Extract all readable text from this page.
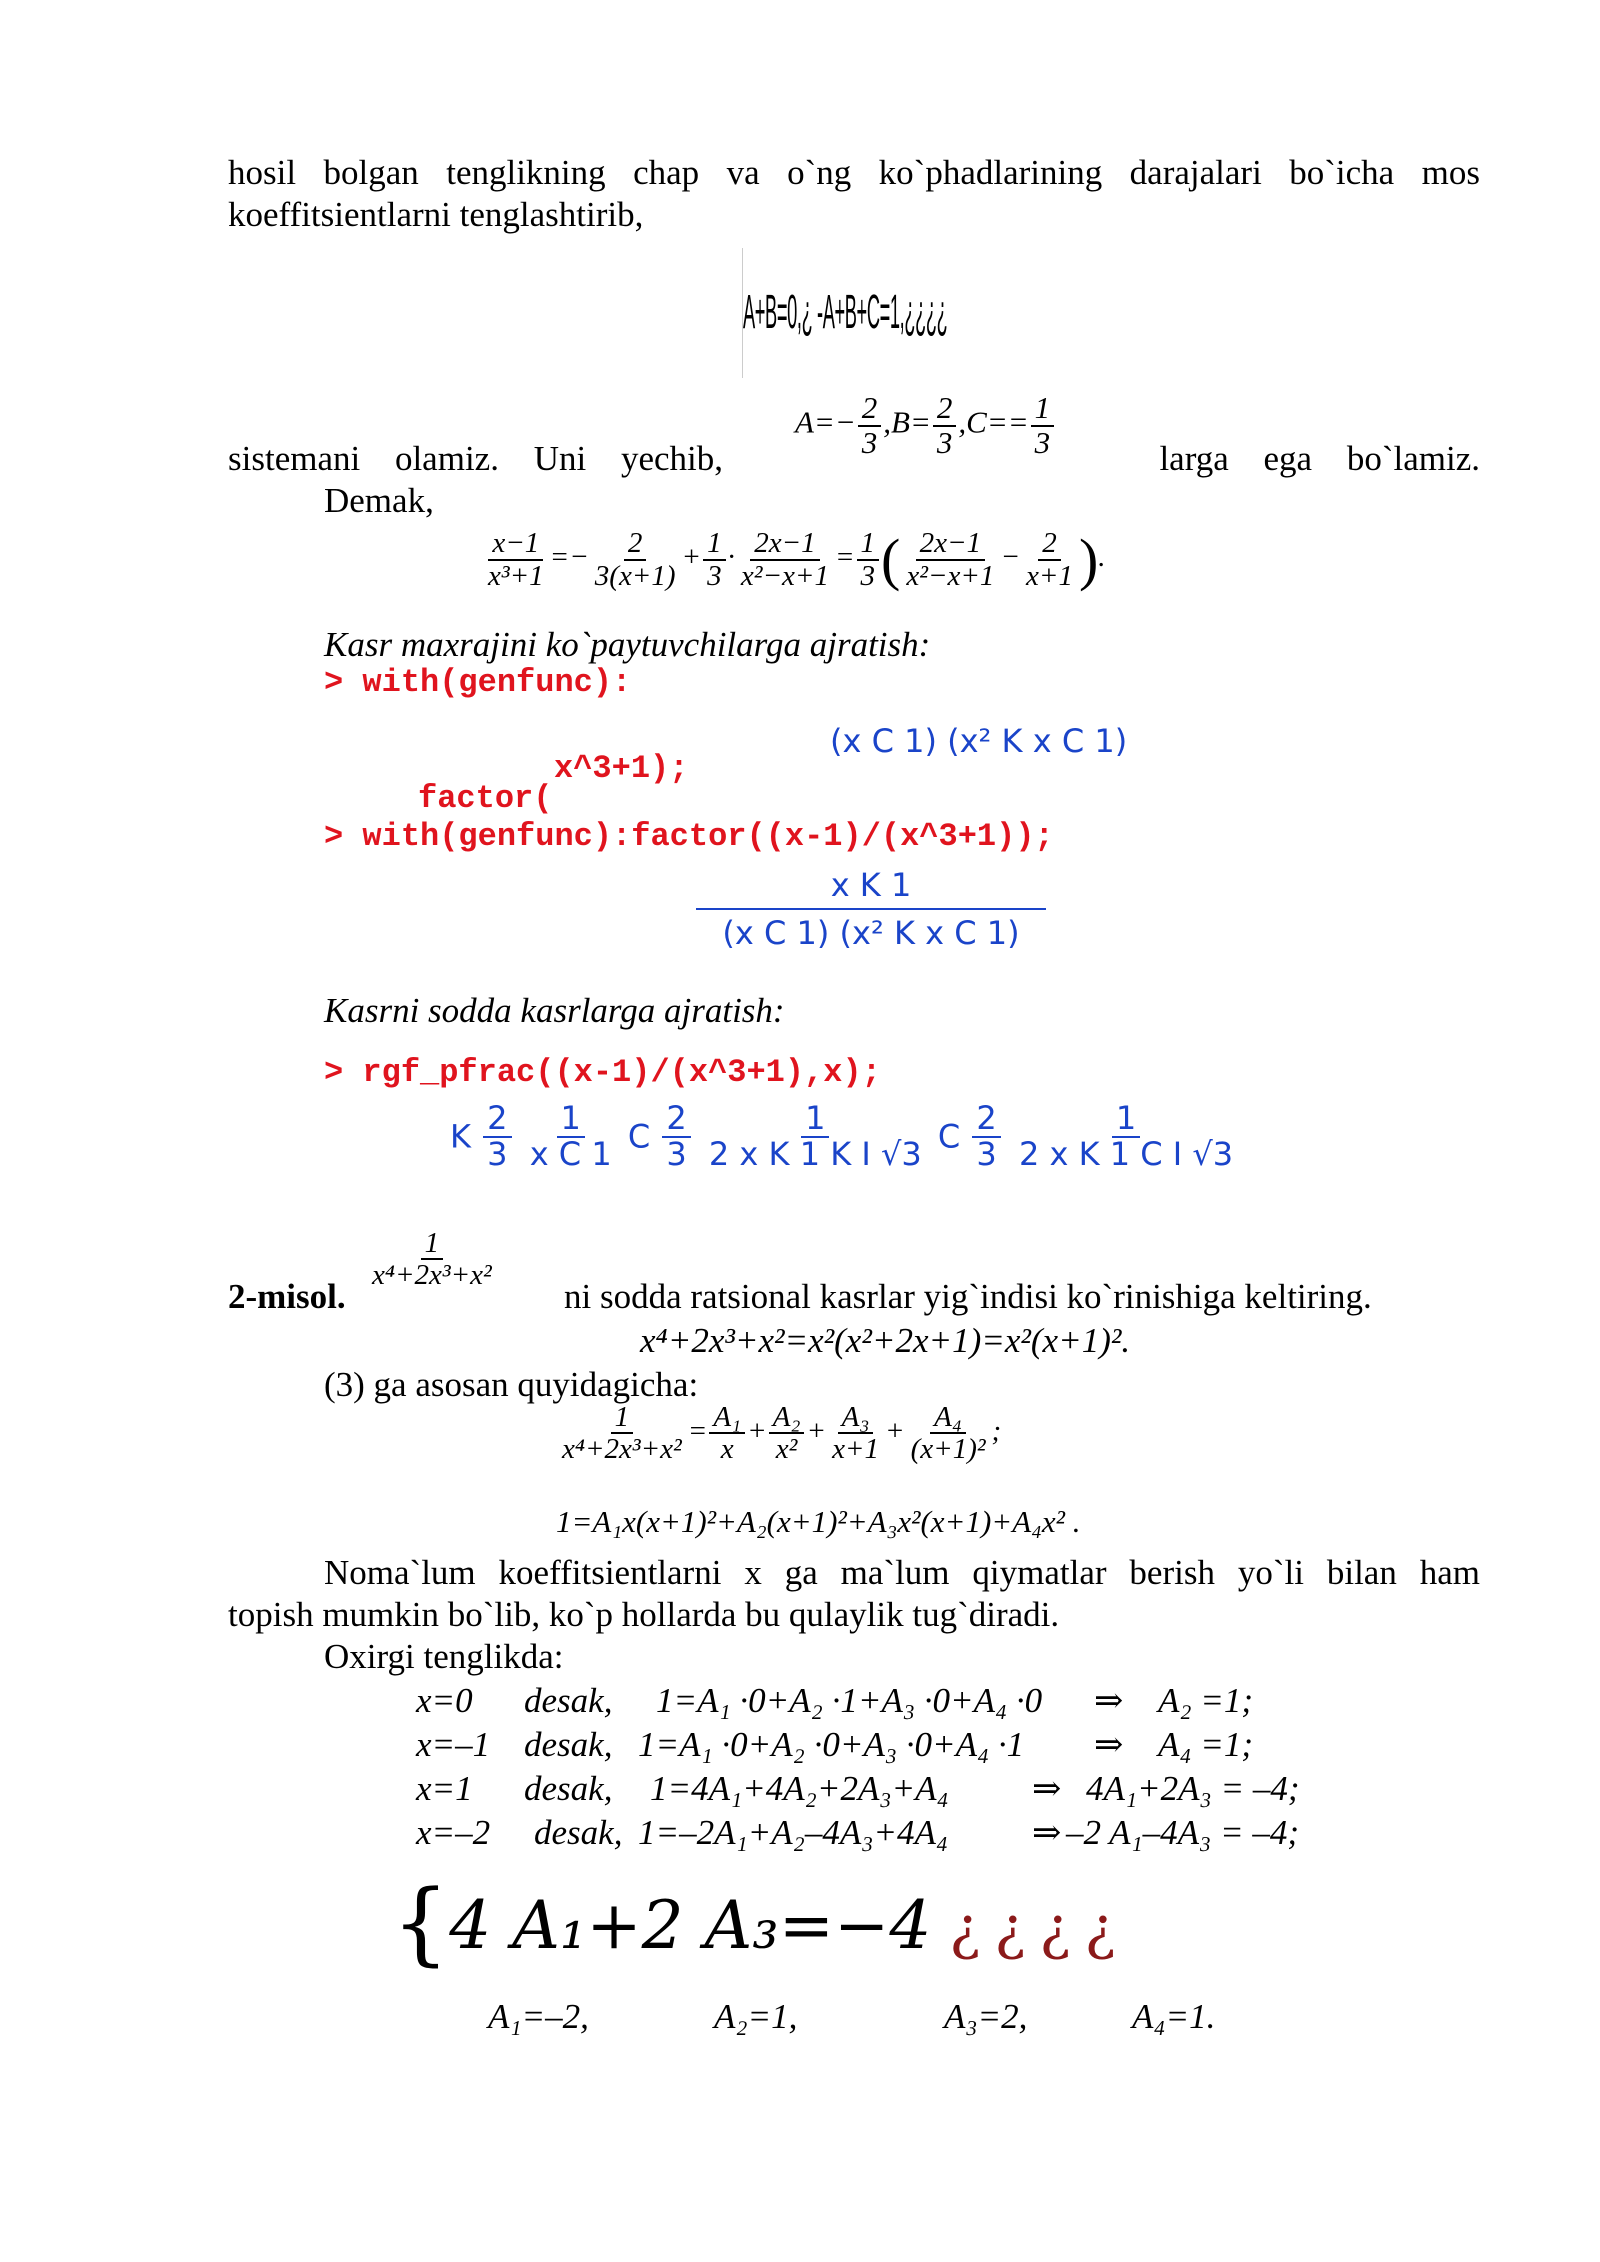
hosil bolgan tenglikning chap va o`ng ko`phadlarining darajalari bo`icha mos
koeffitsientlarni tenglashtirib,
A+B=0,¿ -A+B+C=1,¿¿¿¿
sistemani olamiz. Uni yechib,	larga ega bo`lamiz.
$A=- \frac{2}{3} ,B= \frac{2}{3} ,C== \frac{1}{3}$
Demak,
$\frac{x-1}{\text{x³+1}} =- \frac{2}{3(x+1)} + \frac{1}{3} \cdot \frac{2x-1}{\text{x²−x+1}} = \frac{1}{3}$ ( $\frac{2x-1}{\text{x²−x+1}} - \frac{2}{x+1}$ ).
Kasr maxrajini ko`paytuvchilarga ajratish:
> with(genfunc):
(x C 1) (x² K x C 1)
x^3+1);
factor(
> with(genfunc):factor((x-1)/(x^3+1));
x K 1
(x C 1) (x² K x C 1)
Kasrni sodda kasrlarga ajratish:
> rgf_pfrac((x-1)/(x^3+1),x);
K $\frac{2}{3}$
$\frac{1}{\text{x C 1}}$ C $\frac{2}{3}$
$\frac{1}{\text{2 x K 1 K I √3}}$ C $\frac{2}{3}$
$\frac{1}{\text{2 x K 1 C I √3}}$
$\frac{1}{\text{x⁴+2x³+x²}}$
2-misol.	ni sodda ratsional kasrlar yig`indisi ko`rinishiga keltiring.
x⁴+2x³+x²=x²(x²+2x+1)=x²(x+1)².
(3) ga asosan quyidagicha:
$\frac{1}{\text{x⁴+2x³+x²}} = \frac{\text{A₁}}{x} + \frac{\text{A₂}}{\text{x²}} + \frac{\text{A₃}}{x+1} + \frac{\text{A₄}}{\text{(x+1)²}}$ ;
1=A₁x(x+1)²+A₂(x+1)²+A₃x²(x+1)+A₄x² .
Noma`lum koeffitsientlarni x ga ma`lum qiymatlar berish yo`li bilan ham
topish mumkin bo`lib, ko`p hollarda bu qulaylik tug`diradi.
Oxirgi tenglikda:
x=0 desak, 1=A₁ ·0+A₂ ·1+A₃ ·0+A₄ ·0 ⇒ A₂ =1;
x=–1 desak, 1=A₁ ·0+A₂ ·0+A₃ ·0+A₄ ·1 ⇒ A₄ =1;
x=1 desak, 1=4A₁+4A₂+2A₃+A₄ ⇒ 4A₁+2A₃ = –4;
x=–2 desak, 1=–2A₁+A₂–4A₃+4A₄ ⇒ –2 A₁–4A₃ = –4;
{4 A₁+2 A₃=−4 ¿¿¿¿
A₁=–2,	A₂=1,	A₃=2,	A₄=1.
